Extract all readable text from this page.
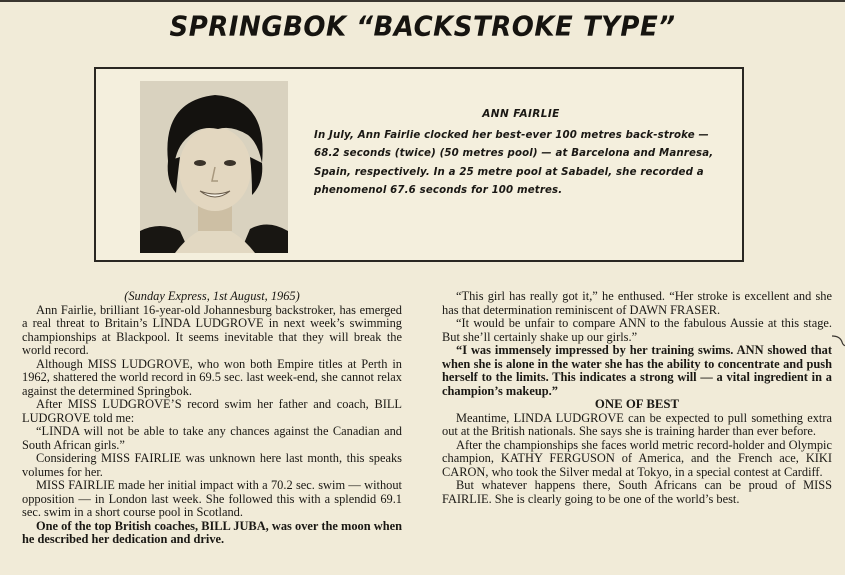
SPRINGBOK “BACKSTROKE TYPE”
ANN FAIRLIE
In July, Ann Fairlie clocked her best-ever 100 metres back-stroke — 68.2 seconds (twice) (50 metres pool) — at Barcelona and Manresa, Spain, respectively. In a 25 metre pool at Sabadel, she recorded a phenomenol 67.6 seconds for 100 metres.

(Sunday Express, 1st August, 1965)

Ann Fairlie, brilliant 16-year-old Johannesburg backstroker, has emerged a real threat to Britain’s LINDA LUDGROVE in next week’s swimming championships at Blackpool. It seems inevitable that they will break the world record.

Although MISS LUDGROVE, who won both Empire titles at Perth in 1962, shattered the world record in 69.5 sec. last week-end, she cannot relax against the determined Springbok.

After MISS LUDGROVE’S record swim her father and coach, BILL LUDGROVE told me:

“LINDA will not be able to take any chances against the Canadian and South African girls.”

Considering MISS FAIRLIE was unknown here last month, this speaks volumes for her.

MISS FAIRLIE made her initial impact with a 70.2 sec. swim — without opposition — in London last week. She followed this with a splendid 69.1 sec. swim in a short course pool in Scotland.

One of the top British coaches, BILL JUBA, was over the moon when he described her dedication and drive.

“This girl has really got it,” he enthused. “Her stroke is excellent and she has that determination reminiscent of DAWN FRASER.

“It would be unfair to compare ANN to the fabulous Aussie at this stage. But she’ll certainly shake up our girls.”

“I was immensely impressed by her training swims. ANN showed that when she is alone in the water she has the ability to concentrate and push herself to the limits. This indicates a strong will — a vital ingredient in a champion’s makeup.”

ONE OF BEST

Meantime, LINDA LUDGROVE can be expected to pull something extra out at the British nationals. She says she is training harder than ever before.

After the championships she faces world metric record-holder and Olympic champion, KATHY FERGUSON of America, and the French ace, KIKI CARON, who took the Silver medal at Tokyo, in a special contest at Cardiff.

But whatever happens there, South Africans can be proud of MISS FAIRLIE. She is clearly going to be one of the world’s best.
